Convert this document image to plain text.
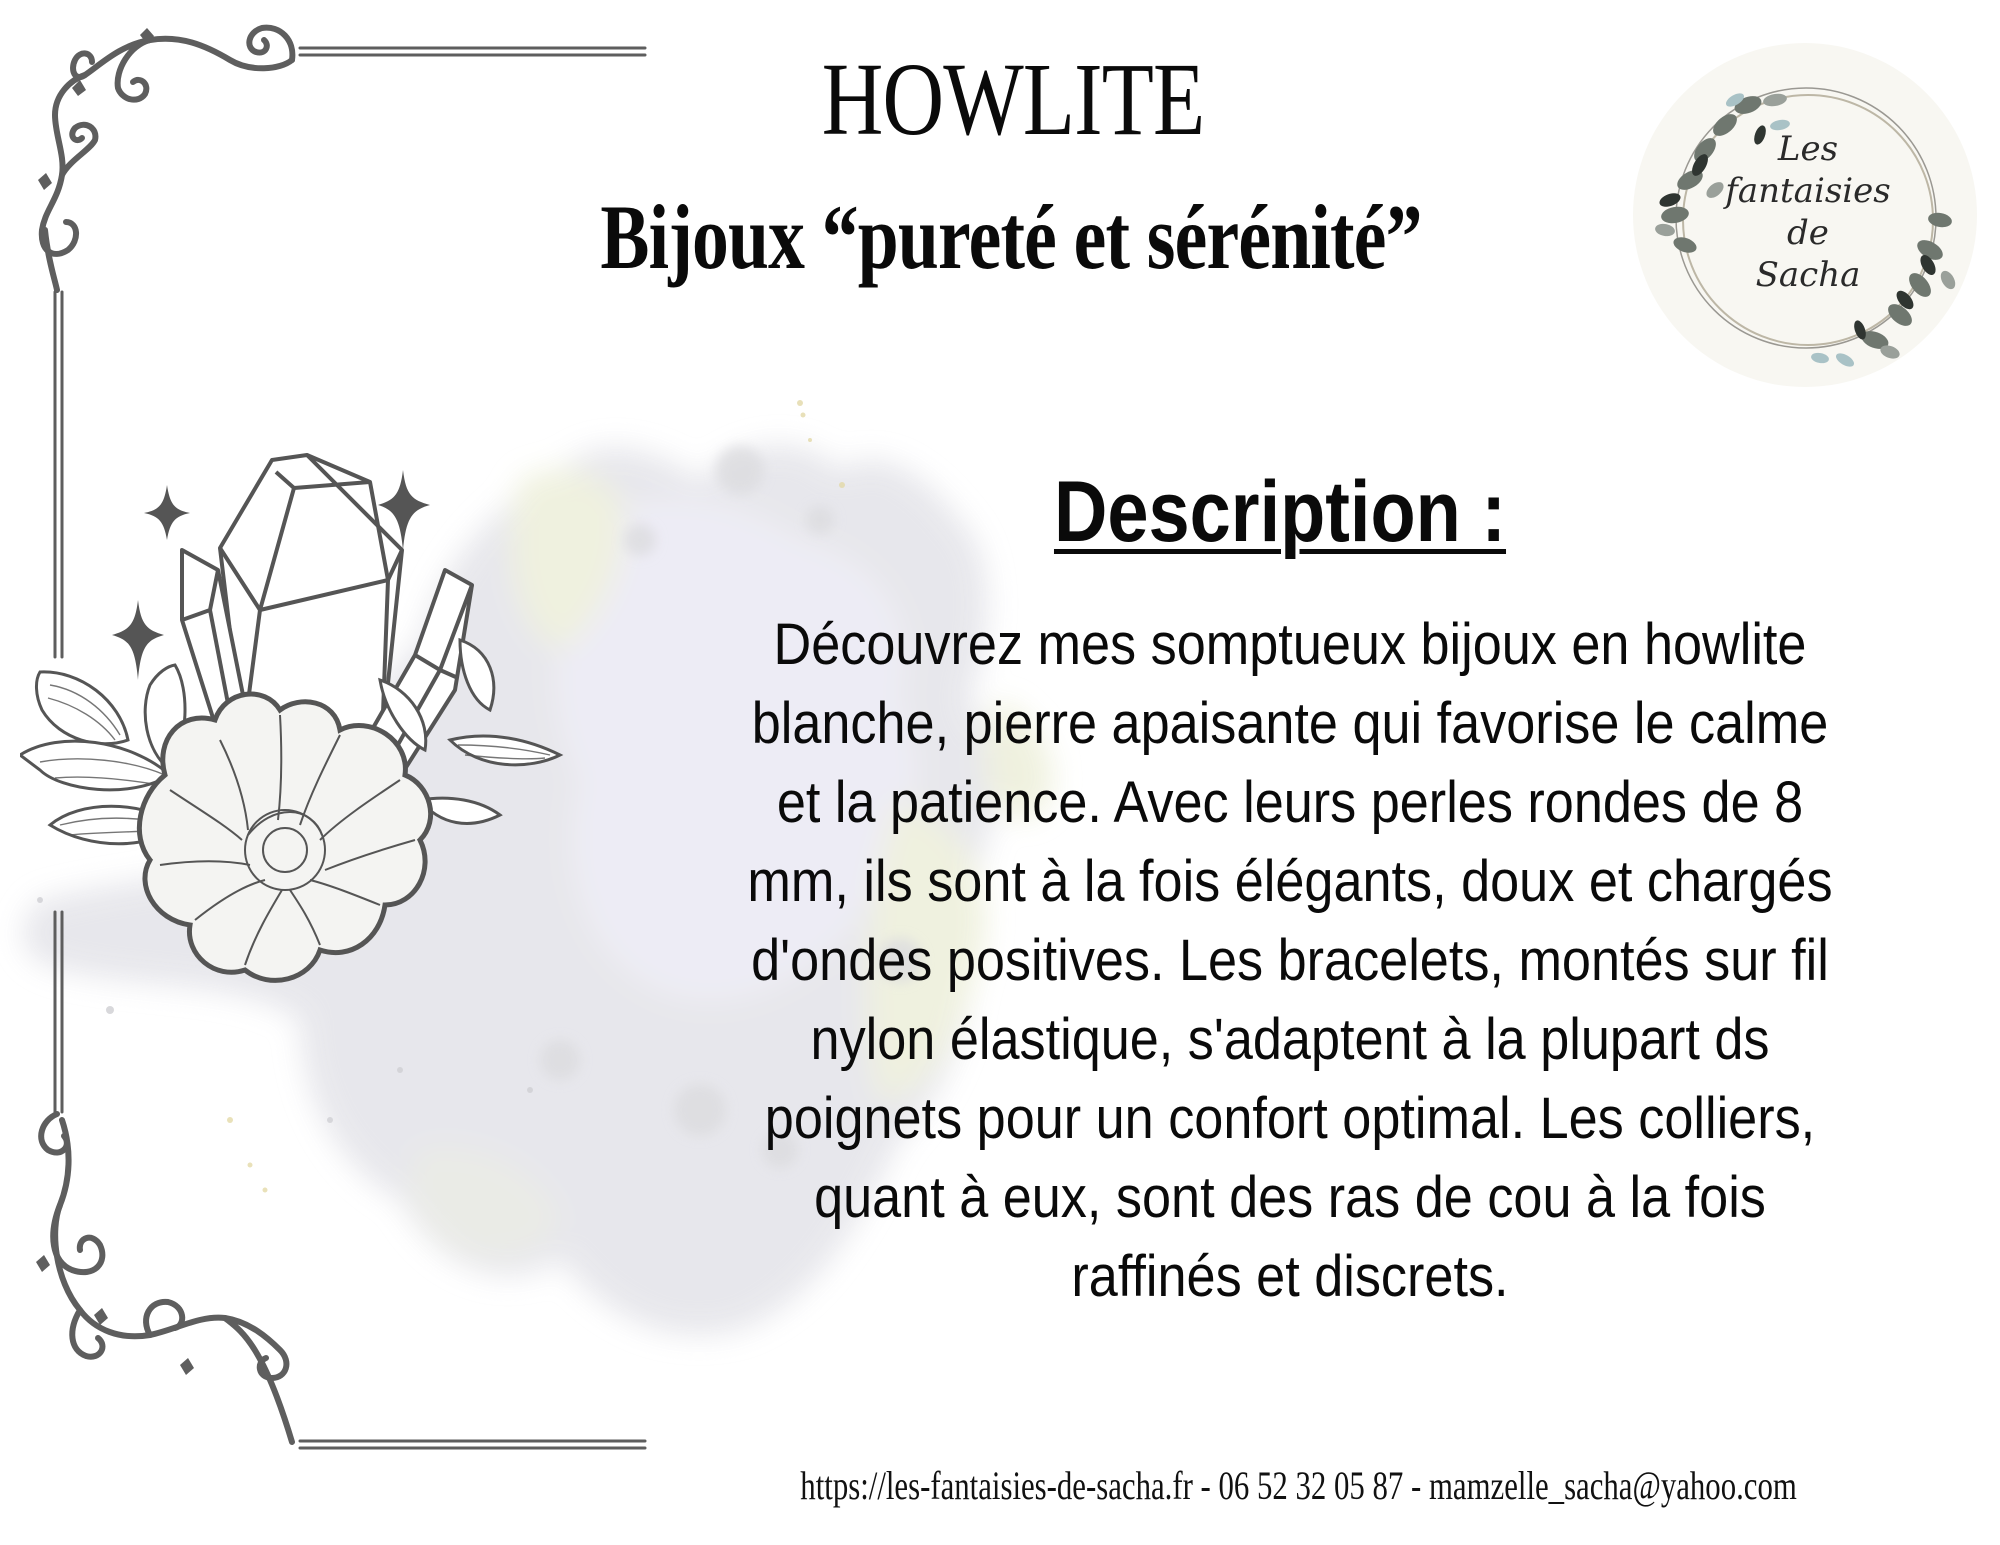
HOWLITE
Bijoux “pureté et sérénité”
Les
fantaisies
de
Sacha
Description :
Découvrez mes somptueux bijoux en howlite
blanche, pierre apaisante qui favorise le calme
et la patience. Avec leurs perles rondes de 8
mm, ils sont à la fois élégants, doux et chargés
d'ondes positives. Les bracelets, montés sur fil
nylon élastique, s'adaptent à la plupart ds
poignets pour un confort optimal. Les colliers,
quant à eux, sont des ras de cou à la fois
raffinés et discrets.
https://les-fantaisies-de-sacha.fr - 06 52 32 05 87 - mamzelle_sacha@yahoo.com
